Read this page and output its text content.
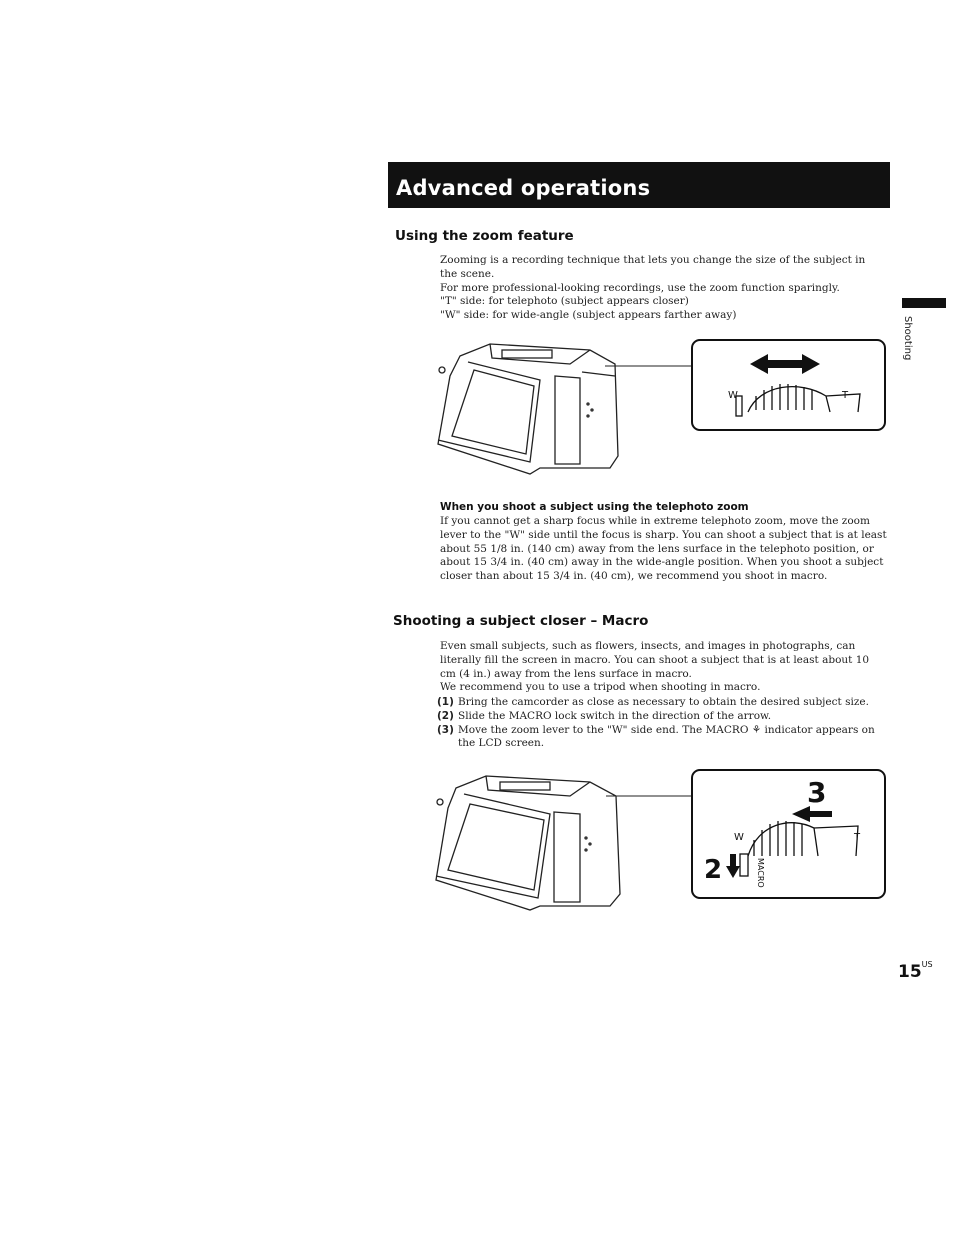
Advanced operations
Shooting
Using the zoom feature

Zooming is a recording technique that lets you change the size of the subject in the scene.

For more professional-looking recordings, use the zoom function sparingly.

"T" side: for telephoto (subject appears closer)

"W" side: for wide-angle (subject appears farther away)

W	T
When you shoot a subject using the telephoto zoom
If you cannot get a sharp focus while in extreme telephoto zoom, move the zoom lever to the "W" side until the focus is sharp. You can shoot a subject that is at least about 55 1/8 in. (140 cm) away from the lens surface in the telephoto position, or about 15 3/4 in. (40 cm) away in the wide-angle position. When you shoot a subject closer than about 15 3/4 in. (40 cm), we recommend you shoot in macro.
Shooting a subject closer – Macro

Even small subjects, such as flowers, insects, and images in photographs, can literally fill the screen in macro. You can shoot a subject that is at least about 10 cm (4 in.) away from the lens surface in macro.

We recommend you to use a tripod when shooting in macro.

(1) Bring the camcorder as close as necessary to obtain the desired subject size.
(2) Slide the MACRO lock switch in the direction of the arrow.
(3) Move the zoom lever to the "W" side end. The MACRO ⚘ indicator appears on the LCD screen.
3
W	T
2	MACRO
$15^{US}$
